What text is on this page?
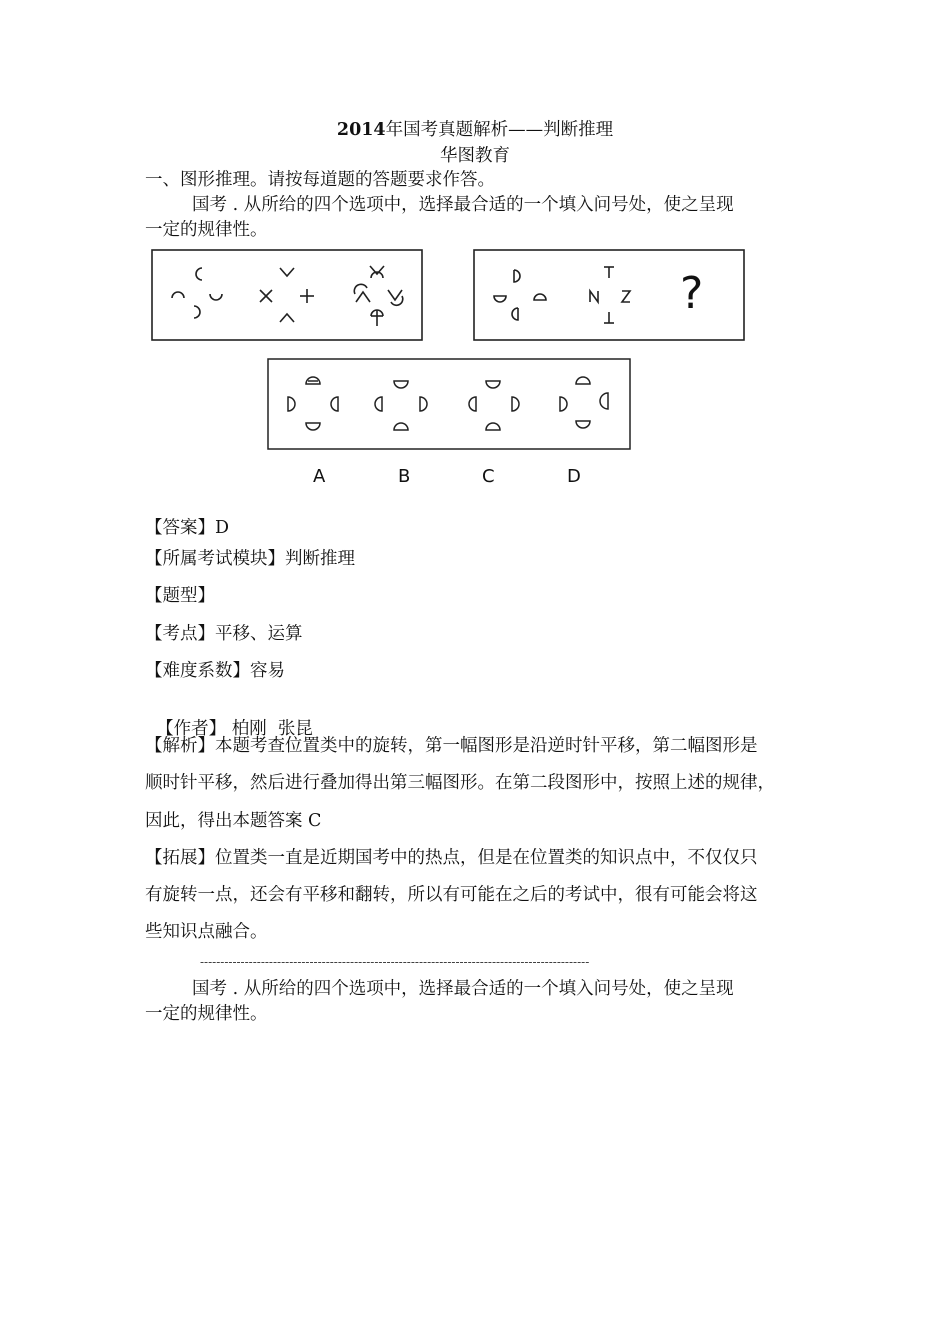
2014年国考真题解析——判断推理
华图教育
一、图形推理。请按每道题的答题要求作答。
国考 . 从所给的四个选项中，选择最合适的一个填入问号处，使之呈现
一定的规律性。
?
A	B	C	D
【答案】D
【所属考试模块】判断推理
【题型】
【考点】平移、运算
【难度系数】容易

【作者】 柏刚  张昆

【解析】本题考查位置类中的旋转，第一幅图形是沿逆时针平移，第二幅图形是
顺时针平移，然后进行叠加得出第三幅图形。在第二段图形中，按照上述的规律，
因此，得出本题答案 C
【拓展】位置类一直是近期国考中的热点，但是在位置类的知识点中，不仅仅只
有旋转一点，还会有平移和翻转，所以有可能在之后的考试中，很有可能会将这
些知识点融合。
------------------------------------------------------------------------------------------------
国考 . 从所给的四个选项中，选择最合适的一个填入问号处，使之呈现
一定的规律性。
